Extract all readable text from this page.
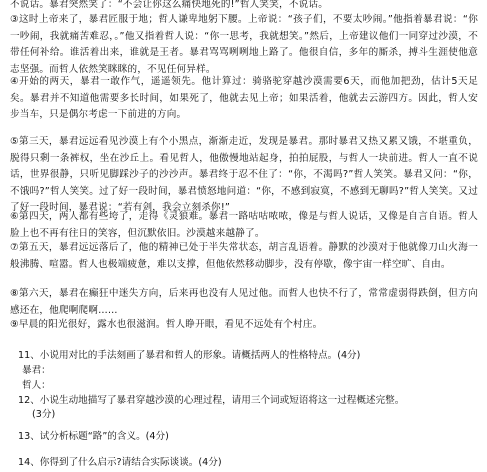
不说话。暴君突然笑了：“不会让你这么痛快地死的!”哲人笑笑，不说话。

③这时上帝来了，暴君匠服于地；哲人谦卑地躬下腰。上帝说：“孩子们，不要太吵闹。”他指着暴君说：“你一吵闹，我就痛苦难忍，。”他又指着哲人说：“你一思考，我就想笑。”然后，上帝建议他们一同穿过沙漠，不带任何补给。谁活着出来，谁就是王者。暴君骂骂咧咧地上路了。他很自信，多年的厮杀，搏斗生涯使他意志坚强。而哲人依然笑眯眯的，不见任何异样。

④开始的两天，暴君一敢作气，遥遥领先。他计算过：骑骆驼穿越沙漠需要6天，而他加把劲，估计5天足矣。暴君并不知道他需要多长时间，如果死了，他就去见上帝；如果活着，他就去云游四方。因此，哲人安步当车，只是偶尔考虑一下前进的方向。

⑤第三天，暴君远远看见沙漠上有个小黑点，渐渐走近，发现是暴君。那时暴君又热又累又饿，不堪重负，脱得只剩一条裤权，坐在沙丘上。看见哲人，他傲慢地站起身，拍拍屁股，与哲人一块前进。哲人一直不说话，世界很静，只听见脚踩沙子的沙沙声。暴君终于忍不住了：“你，不渴吗?”哲人笑笑。暴君又问：“你，不饿吗?”哲人笑笑。过了好一段时间，暴君愤怒地问道：“你，不感到寂寞，不感到无聊吗?”哲人笑笑。又过了好一段时间，暴君说：“若有剑，我会立刻杀你!”

⑥第四天，两人都有些垮了，走得《灵狼难。暴君一路咕咕哝哝，像是与哲人说话，又像是自言自语。哲人脸上也不再有往日的笑容，但沉默依旧。沙漠越来越静了。

⑦第五天，暴君远远落后了，他的精神已处于半失常状态，胡言乱语着。静默的沙漠对于他就像刀山火海一般沸腾、喧嚣。哲人也极端疲惫，难以支撑，但他依然移动脚步，没有停歇，像宇宙一样空旷、自由。

⑧第六天，暴君在癫狂中迷失方向，后来再也没有人见过他。而哲人也快不行了，常常虚弱得跌倒，但方向感还在，他爬啊爬啊……

⑨早晨的阳光很好，露水也很滋润。哲人睁开眼，看见不远处有个村庄。

11、小说用对比的手法刻画了暴君和哲人的形象。请概括两人的性格特点。(4分)

暴君：

哲人：

12、小说生动地描写了暴君穿越沙漠的心理过程，请用三个词或短语将这一过程概述完整。

(3分)

13、试分析标题“路”的含义。(4分)

14、你得到了什么启示?请结合实际谈谈。(4分)
